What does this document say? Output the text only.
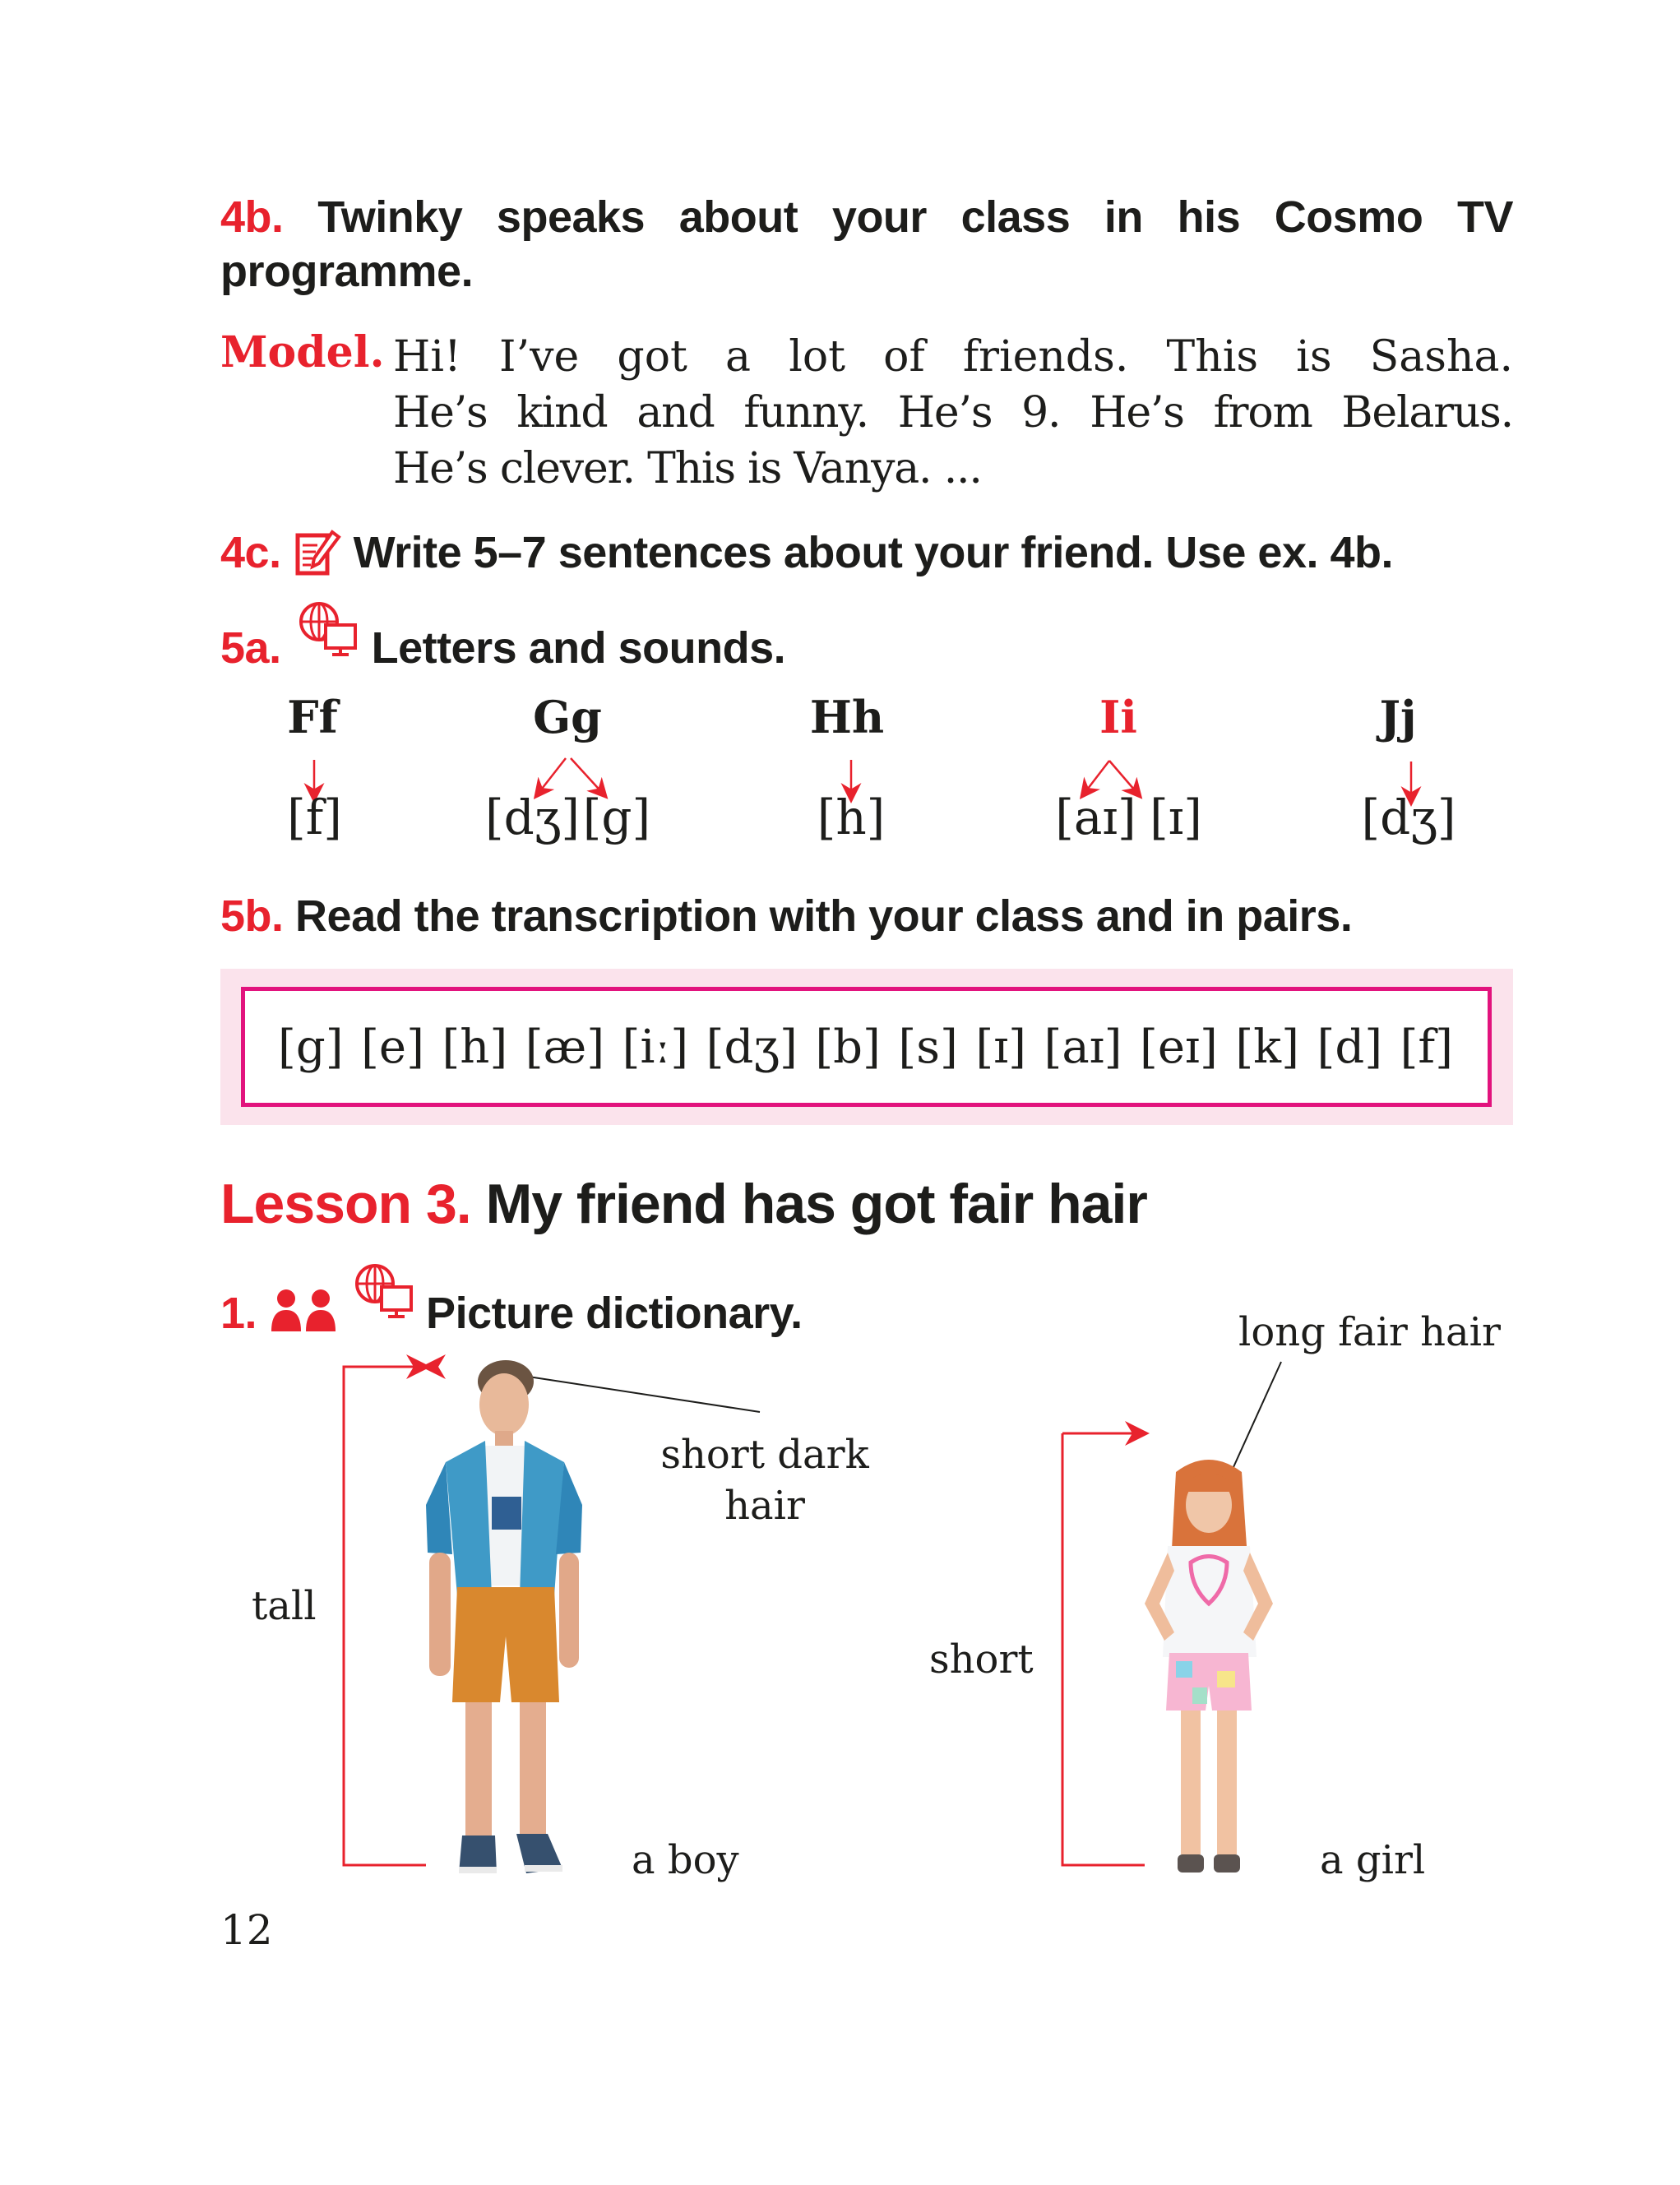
4b. Twinky speaks about your class in his Cosmo TV
programme.
Model. Hi! I’ve got a lot of friends. This is Sasha.
He’s kind and funny. He’s 9. He’s from Belarus.
He’s clever. This is Vanya. ...
4c. Write 5–7 sentences about your friend. Use ex. 4b.
5a. Letters and sounds.
Ff	Gg	Hh	Ii	Jj
[f]	[dʒ] [g]	[h]	[aɪ] [ɪ]	[dʒ]
5b. Read the transcription with your class and in pairs.
[g] [e] [h] [æ] [iː] [dʒ] [b] [s] [ɪ] [aɪ] [eɪ] [k] [d] [f]
Lesson 3. My friend has got fair hair
1.	Picture dictionary.
tall
short dark
hair
a boy
long fair hair
short
a girl
12
